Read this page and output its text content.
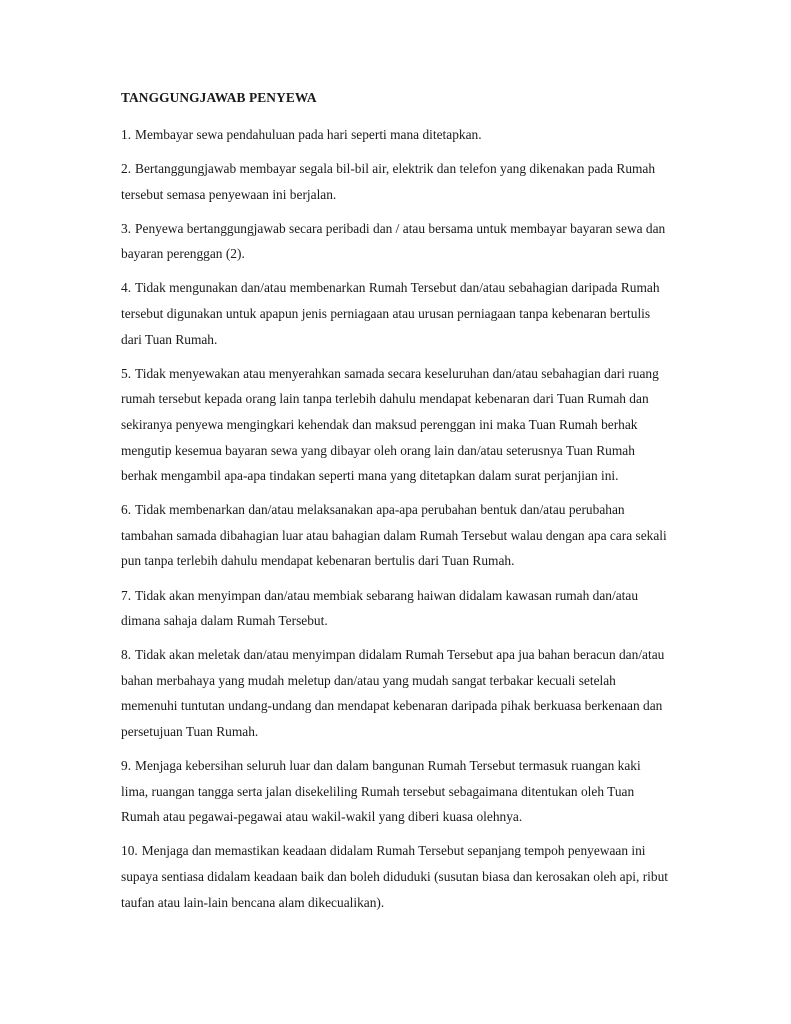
TANGGUNGJAWAB PENYEWA
1. Membayar sewa pendahuluan pada hari seperti mana ditetapkan.
2. Bertanggungjawab membayar segala bil-bil air, elektrik dan telefon yang dikenakan pada Rumah tersebut semasa penyewaan ini berjalan.
3. Penyewa bertanggungjawab secara peribadi dan / atau bersama untuk membayar bayaran sewa dan bayaran perenggan (2).
4. Tidak mengunakan dan/atau membenarkan Rumah Tersebut dan/atau sebahagian daripada Rumah tersebut digunakan untuk apapun jenis perniagaan atau urusan perniagaan tanpa kebenaran bertulis dari Tuan Rumah.
5. Tidak menyewakan atau menyerahkan samada secara keseluruhan dan/atau sebahagian dari ruang rumah tersebut kepada orang lain tanpa terlebih dahulu mendapat kebenaran dari Tuan Rumah dan sekiranya penyewa mengingkari kehendak dan maksud perenggan ini maka Tuan Rumah berhak mengutip kesemua bayaran sewa yang dibayar oleh orang lain dan/atau seterusnya Tuan Rumah berhak mengambil apa-apa tindakan seperti mana yang ditetapkan dalam surat perjanjian ini.
6. Tidak membenarkan dan/atau melaksanakan apa-apa perubahan bentuk dan/atau perubahan tambahan samada dibahagian luar atau bahagian dalam Rumah Tersebut walau dengan apa cara sekali pun tanpa terlebih dahulu mendapat kebenaran bertulis dari Tuan Rumah.
7. Tidak akan menyimpan dan/atau membiak sebarang haiwan didalam kawasan rumah dan/atau dimana sahaja dalam Rumah Tersebut.
8. Tidak akan meletak dan/atau menyimpan didalam Rumah Tersebut apa jua bahan beracun dan/atau bahan merbahaya yang mudah meletup dan/atau yang mudah sangat terbakar kecuali setelah memenuhi tuntutan undang-undang dan mendapat kebenaran daripada pihak berkuasa berkenaan dan persetujuan Tuan Rumah.
9. Menjaga kebersihan seluruh luar dan dalam bangunan Rumah Tersebut termasuk ruangan kaki lima, ruangan tangga serta jalan disekeliling Rumah tersebut sebagaimana ditentukan oleh Tuan Rumah atau pegawai-pegawai atau wakil-wakil yang diberi kuasa olehnya.
10. Menjaga dan memastikan keadaan didalam Rumah Tersebut sepanjang tempoh penyewaan ini supaya sentiasa didalam keadaan baik dan boleh diduduki (susutan biasa dan kerosakan oleh api, ribut taufan atau lain-lain bencana alam dikecualikan).
